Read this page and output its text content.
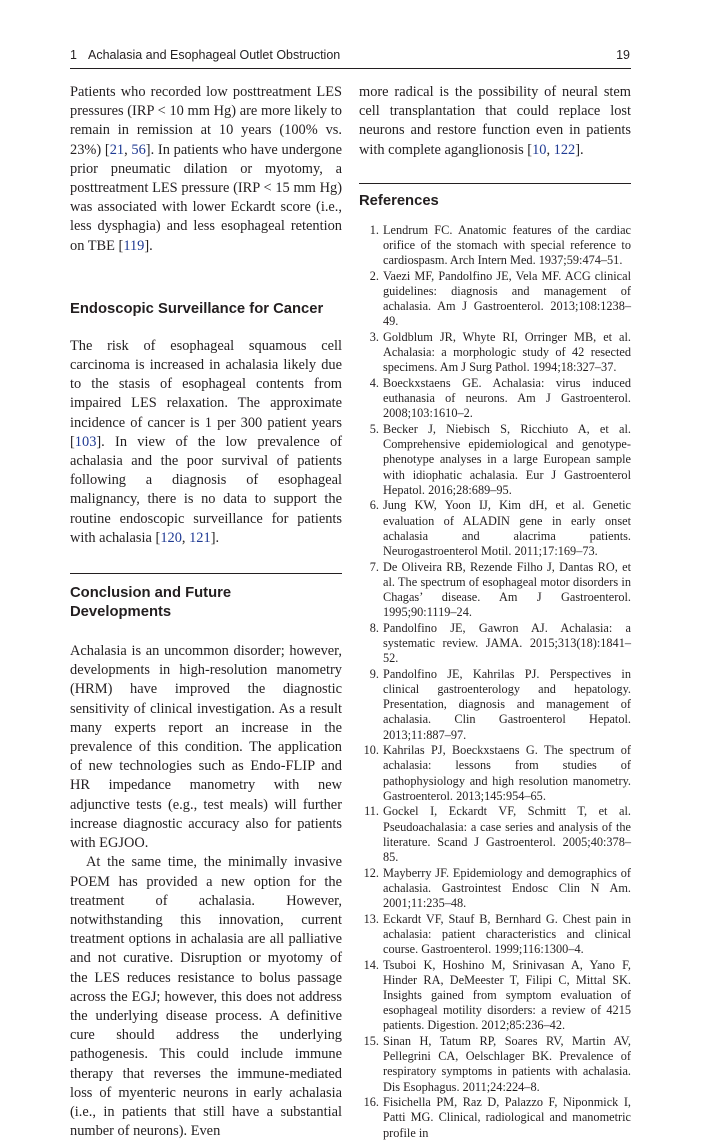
1 Achalasia and Esophageal Outlet Obstruction	19

Patients who recorded low posttreatment LES pressures (IRP < 10 mm Hg) are more likely to remain in remission at 10 years (100% vs. 23%) [21, 56]. In patients who have undergone prior pneumatic dilation or myotomy, a posttreatment LES pressure (IRP < 15 mm Hg) was associated with lower Eckardt score (i.e., less dysphagia) and less esophageal retention on TBE [119].

Endoscopic Surveillance for Cancer

The risk of esophageal squamous cell carcinoma is increased in achalasia likely due to the stasis of esophageal contents from impaired LES relaxation. The approximate incidence of cancer is 1 per 300 patient years [103]. In view of the low prevalence of achalasia and the poor survival of patients following a diagnosis of esophageal malignancy, there is no data to support the routine endoscopic surveillance for patients with achalasia [120, 121].

Conclusion and Future
Developments

Achalasia is an uncommon disorder; however, developments in high-resolution manometry (HRM) have improved the diagnostic sensitivity of clinical investigation. As a result many experts report an increase in the prevalence of this condition. The application of new technologies such as Endo-FLIP and HR impedance manometry with new adjunctive tests (e.g., test meals) will further increase diagnostic accuracy also for patients with EGJOO.

At the same time, the minimally invasive POEM has provided a new option for the treatment of achalasia. However, notwithstanding this innovation, current treatment options in achalasia are all palliative and not curative. Disruption or myotomy of the LES reduces resistance to bolus passage across the EGJ; however, this does not address the underlying disease process. A definitive cure should address the underlying pathogenesis. This could include immune therapy that reverses the immune-mediated loss of myenteric neurons in early achalasia (i.e., in patients that still have a substantial number of neurons). Even

more radical is the possibility of neural stem cell transplantation that could replace lost neurons and restore function even in patients with complete aganglionosis [10, 122].

References
1. Lendrum FC. Anatomic features of the cardiac orifice of the stomach with special reference to cardiospasm. Arch Intern Med. 1937;59:474–51.
2. Vaezi MF, Pandolfino JE, Vela MF. ACG clinical guidelines: diagnosis and management of achalasia. Am J Gastroenterol. 2013;108:1238–49.
3. Goldblum JR, Whyte RI, Orringer MB, et al. Achalasia: a morphologic study of 42 resected specimens. Am J Surg Pathol. 1994;18:327–37.
4. Boeckxstaens GE. Achalasia: virus induced euthanasia of neurons. Am J Gastroenterol. 2008;103:1610–2.
5. Becker J, Niebisch S, Ricchiuto A, et al. Comprehensive epidemiological and genotype-phenotype analyses in a large European sample with idiophatic achalasia. Eur J Gastroenterol Hepatol. 2016;28:689–95.
6. Jung KW, Yoon IJ, Kim dH, et al. Genetic evaluation of ALADIN gene in early onset achalasia and alacrima patients. Neurogastroenterol Motil. 2011;17:169–73.
7. De Oliveira RB, Rezende Filho J, Dantas RO, et al. The spectrum of esophageal motor disorders in Chagas’ disease. Am J Gastroenterol. 1995;90:1119–24.
8. Pandolfino JE, Gawron AJ. Achalasia: a systematic review. JAMA. 2015;313(18):1841–52.
9. Pandolfino JE, Kahrilas PJ. Perspectives in clinical gastroenterology and hepatology. Presentation, diagnosis and management of achalasia. Clin Gastroenterol Hepatol. 2013;11:887–97.
10. Kahrilas PJ, Boeckxstaens G. The spectrum of achalasia: lessons from studies of pathophysiology and high resolution manometry. Gastroenterol. 2013;145:954–65.
11. Gockel I, Eckardt VF, Schmitt T, et al. Pseudoachalasia: a case series and analysis of the literature. Scand J Gastroenterol. 2005;40:378–85.
12. Mayberry JF. Epidemiology and demographics of achalasia. Gastrointest Endosc Clin N Am. 2001;11:235–48.
13. Eckardt VF, Stauf B, Bernhard G. Chest pain in achalasia: patient characteristics and clinical course. Gastroenterol. 1999;116:1300–4.
14. Tsuboi K, Hoshino M, Srinivasan A, Yano F, Hinder RA, DeMeester T, Filipi C, Mittal SK. Insights gained from symptom evaluation of esophageal motility disorders: a review of 4215 patients. Digestion. 2012;85:236–42.
15. Sinan H, Tatum RP, Soares RV, Martin AV, Pellegrini CA, Oelschlager BK. Prevalence of respiratory symptoms in patients with achalasia. Dis Esophagus. 2011;24:224–8.
16. Fisichella PM, Raz D, Palazzo F, Niponmick I, Patti MG. Clinical, radiological and manometric profile in
